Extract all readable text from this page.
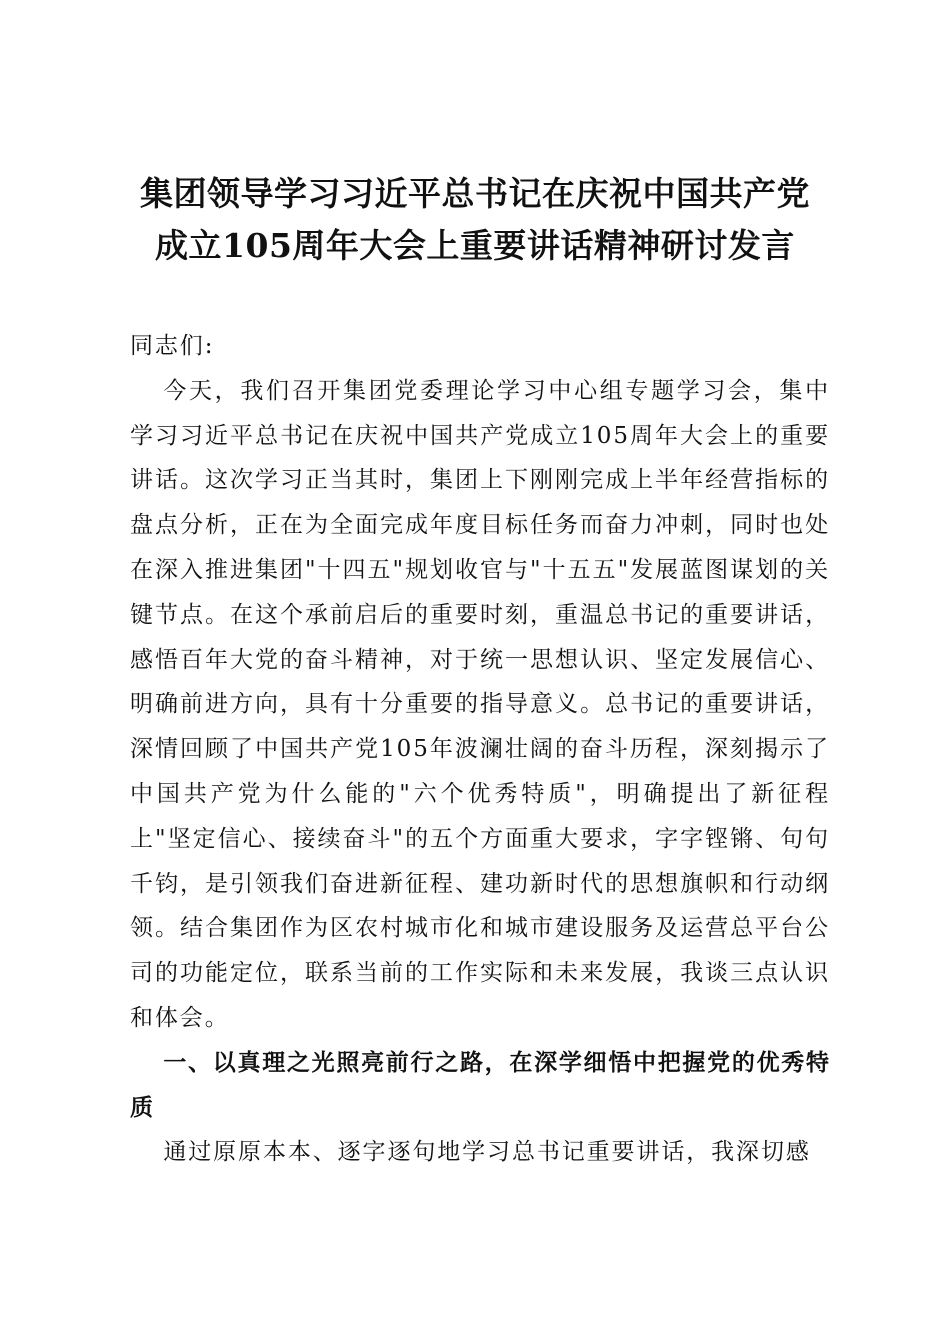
集团领导学习习近平总书记在庆祝中国共产党
成立105周年大会上重要讲话精神研讨发言

同志们:

今天，我们召开集团党委理论学习中心组专题学习会，集中学习习近平总书记在庆祝中国共产党成立105周年大会上的重要讲话。这次学习正当其时，集团上下刚刚完成上半年经营指标的盘点分析，正在为全面完成年度目标任务而奋力冲刺，同时也处在深入推进集团"十四五"规划收官与"十五五"发展蓝图谋划的关键节点。在这个承前启后的重要时刻，重温总书记的重要讲话，感悟百年大党的奋斗精神，对于统一思想认识、坚定发展信心、明确前进方向，具有十分重要的指导意义。总书记的重要讲话，深情回顾了中国共产党105年波澜壮阔的奋斗历程，深刻揭示了中国共产党为什么能的"六个优秀特质"，明确提出了新征程上"坚定信心、接续奋斗"的五个方面重大要求，字字铿锵、句句千钧，是引领我们奋进新征程、建功新时代的思想旗帜和行动纲领。结合集团作为区农村城市化和城市建设服务及运营总平台公司的功能定位，联系当前的工作实际和未来发展，我谈三点认识和体会。

一、以真理之光照亮前行之路，在深学细悟中把握党的优秀特质

通过原原本本、逐字逐句地学习总书记重要讲话，我深切感
